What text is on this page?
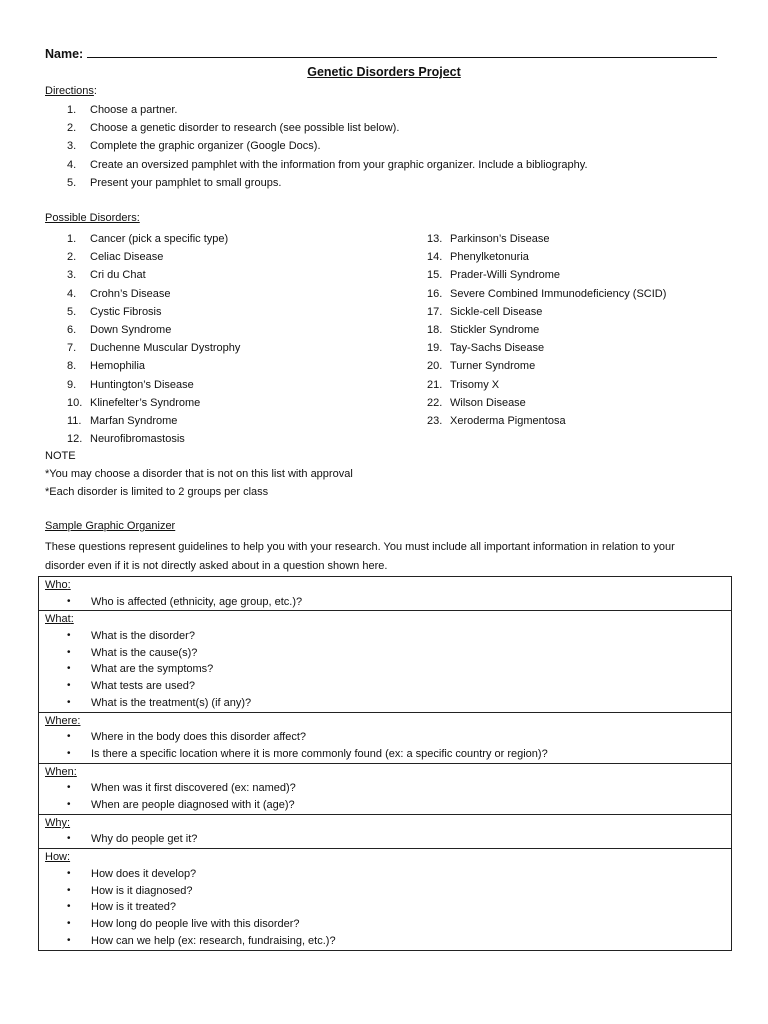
Name:
Genetic Disorders Project
Directions:
1.	Choose a partner.
2.	Choose a genetic disorder to research (see possible list below).
3.	Complete the graphic organizer (Google Docs).
4.	Create an oversized pamphlet with the information from your graphic organizer. Include a bibliography.
5.	Present your pamphlet to small groups.
Possible Disorders:
1.	Cancer (pick a specific type)
2.	Celiac Disease
3.	Cri du Chat
4.	Crohn’s Disease
5.	Cystic Fibrosis
6.	Down Syndrome
7.	Duchenne Muscular Dystrophy
8.	Hemophilia
9.	Huntington’s Disease
10. Klinefelter’s Syndrome
11. Marfan Syndrome
12. Neurofibromastosis
13. Parkinson’s Disease
14. Phenylketonuria
15. Prader-Willi Syndrome
16. Severe Combined Immunodeficiency (SCID)
17. Sickle-cell Disease
18. Stickler Syndrome
19. Tay-Sachs Disease
20. Turner Syndrome
21. Trisomy X
22. Wilson Disease
23. Xeroderma Pigmentosa
NOTE
*You may choose a disorder that is not on this list with approval
*Each disorder is limited to 2 groups per class
Sample Graphic Organizer
These questions represent guidelines to help you with your research. You must include all important information in relation to your
disorder even if it is not directly asked about in a question shown here.
Who:
• Who is affected (ethnicity, age group, etc.)?
What:
• What is the disorder?
• What is the cause(s)?
• What are the symptoms?
• What tests are used?
• What is the treatment(s) (if any)?
Where:
• Where in the body does this disorder affect?
• Is there a specific location where it is more commonly found (ex: a specific country or region)?
When:
• When was it first discovered (ex: named)?
• When are people diagnosed with it (age)?
Why:
• Why do people get it?
How:
• How does it develop?
• How is it diagnosed?
• How is it treated?
• How long do people live with this disorder?
• How can we help (ex: research, fundraising, etc.)?
